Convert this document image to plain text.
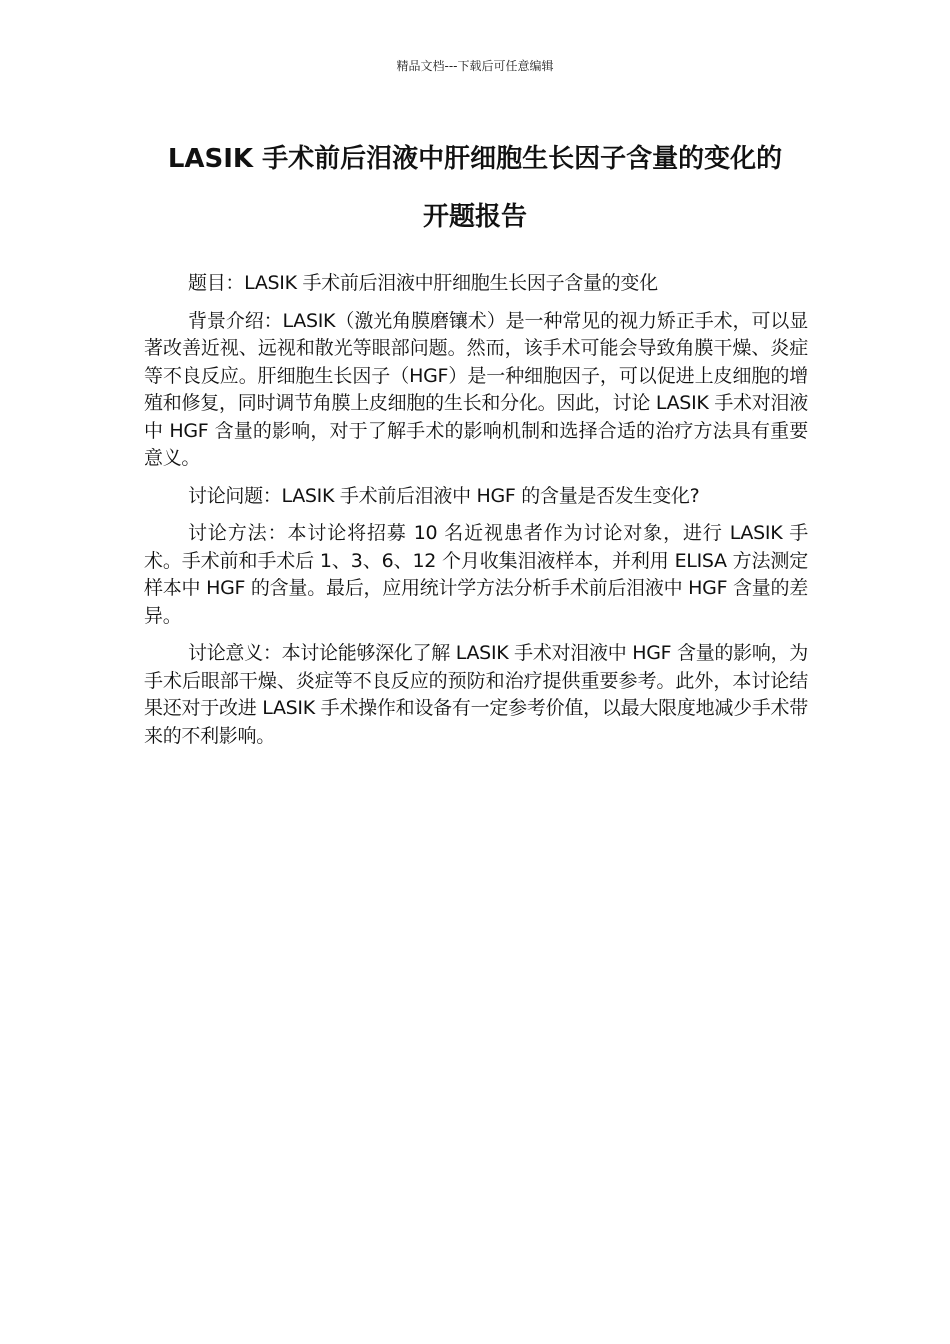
精品文档---下载后可任意编辑
LASIK 手术前后泪液中肝细胞生长因子含量的变化的
开题报告

题目：LASIK 手术前后泪液中肝细胞生长因子含量的变化

背景介绍：LASIK（激光角膜磨镶术）是一种常见的视力矫正手术，可以显著改善近视、远视和散光等眼部问题。然而，该手术可能会导致角膜干燥、炎症等不良反应。肝细胞生长因子（HGF）是一种细胞因子，可以促进上皮细胞的增殖和修复，同时调节角膜上皮细胞的生长和分化。因此，讨论 LASIK 手术对泪液中 HGF 含量的影响，对于了解手术的影响机制和选择合适的治疗方法具有重要意义。

讨论问题：LASIK 手术前后泪液中 HGF 的含量是否发生变化?

讨论方法：本讨论将招募 10 名近视患者作为讨论对象，进行 LASIK 手术。手术前和手术后 1、3、6、12 个月收集泪液样本，并利用 ELISA 方法测定样本中 HGF 的含量。最后，应用统计学方法分析手术前后泪液中 HGF 含量的差异。

讨论意义：本讨论能够深化了解 LASIK 手术对泪液中 HGF 含量的影响，为手术后眼部干燥、炎症等不良反应的预防和治疗提供重要参考。此外，本讨论结果还对于改进 LASIK 手术操作和设备有一定参考价值，以最大限度地减少手术带来的不利影响。
